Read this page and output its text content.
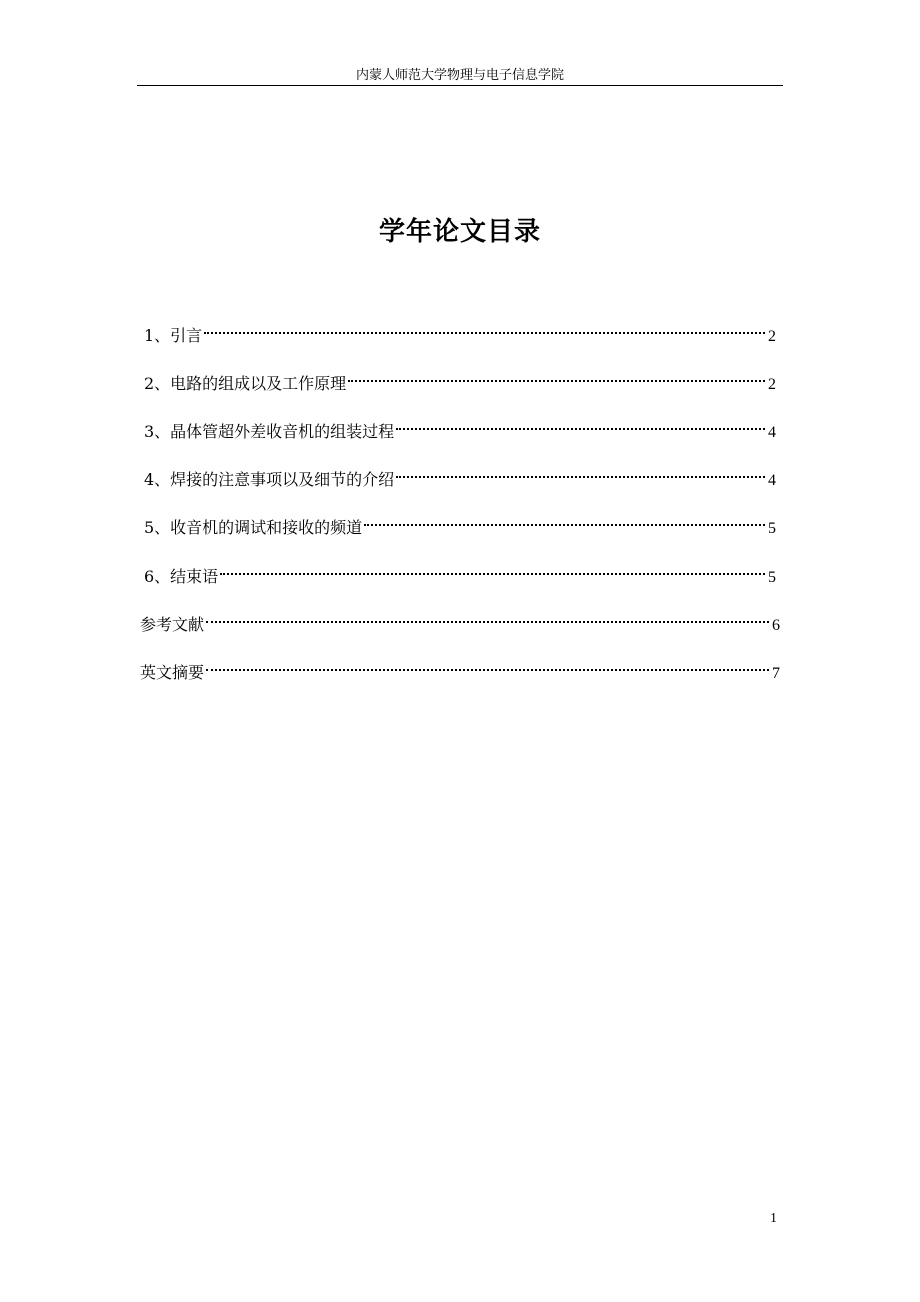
内蒙人师范大学物理与电子信息学院
学年论文目录
1、引言	2
2、电路的组成以及工作原理	2
3、晶体管超外差收音机的组装过程	4
4、焊接的注意事项以及细节的介绍	4
5、收音机的调试和接收的频道	5
6、结束语	5
参考文献	6
英文摘要	7
1
